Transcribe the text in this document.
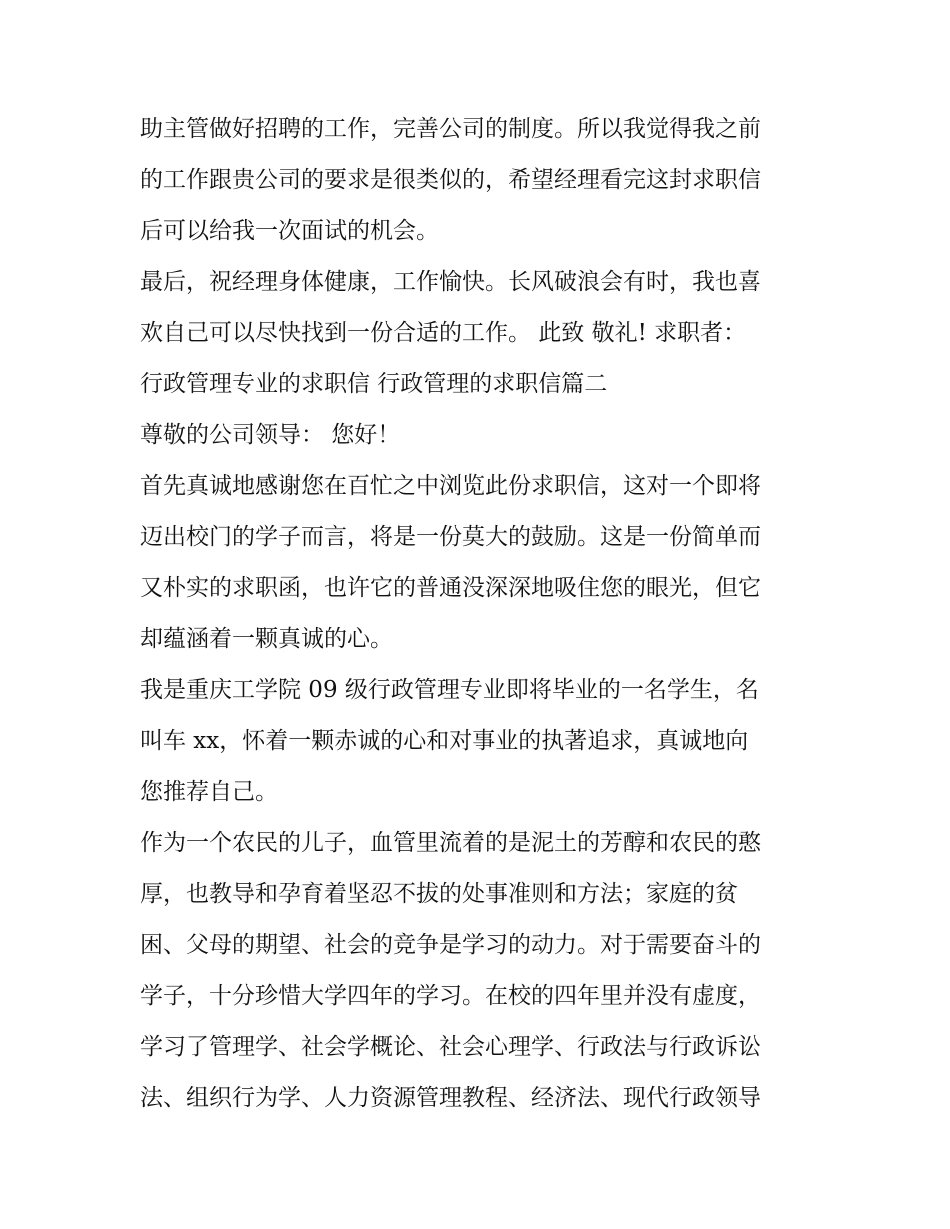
助主管做好招聘的工作，完善公司的制度。所以我觉得我之前

的工作跟贵公司的要求是很类似的，希望经理看完这封求职信

后可以给我一次面试的机会。

最后，祝经理身体健康，工作愉快。长风破浪会有时，我也喜

欢自己可以尽快找到一份合适的工作。 此致 敬礼! 求职者：

行政管理专业的求职信 行政管理的求职信篇二

尊敬的公司领导： 您好！

首先真诚地感谢您在百忙之中浏览此份求职信，这对一个即将

迈出校门的学子而言，将是一份莫大的鼓励。这是一份简单而

又朴实的求职函，也许它的普通没深深地吸住您的眼光，但它

却蕴涵着一颗真诚的心。

我是重庆工学院 09 级行政管理专业即将毕业的一名学生，名

叫车 xx，怀着一颗赤诚的心和对事业的执著追求，真诚地向

您推荐自己。

作为一个农民的儿子，血管里流着的是泥土的芳醇和农民的憨

厚，也教导和孕育着坚忍不拔的处事准则和方法；家庭的贫

困、父母的期望、社会的竞争是学习的动力。对于需要奋斗的

学子，十分珍惜大学四年的学习。在校的四年里并没有虚度，

学习了管理学、社会学概论、社会心理学、行政法与行政诉讼

法、组织行为学、人力资源管理教程、经济法、现代行政领导
